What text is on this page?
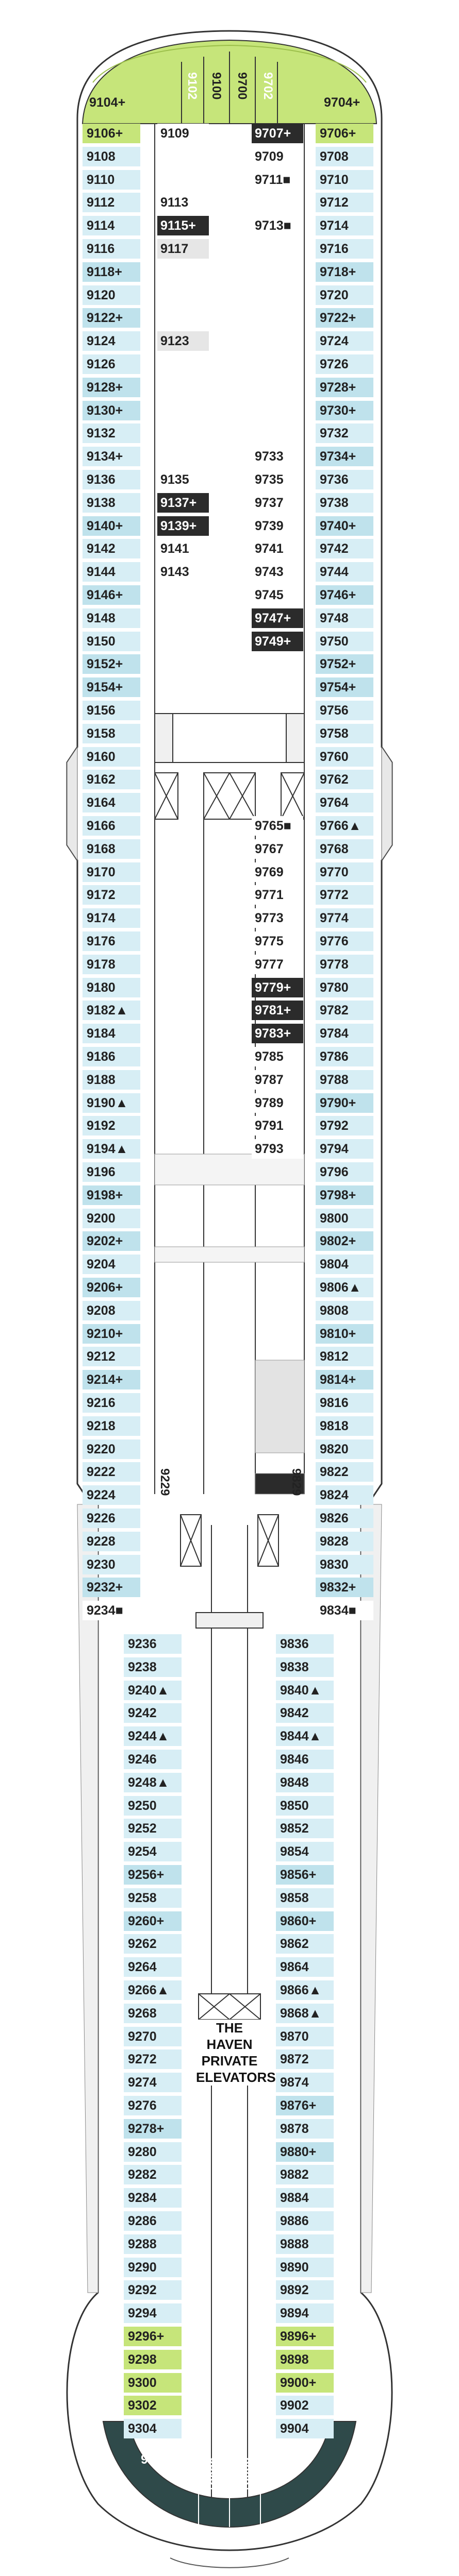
9104+	9704+
9102 9100 9700 9702
9306+	9906+
9308+ 9908+
9229	9829
THE HAVEN PRIVATE ELEVATORS
9106+
9108
9110
9112
9114
9116
9118+
9120
9122+
9124
9126
9128+
9130+
9132
9134+
9136
9138
9140+
9142
9144
9146+
9148
9150
9152+
9154+
9156
9158
9160
9162
9164
9166
9168
9170
9172
9174
9176
9178
9180
9182▲
9184
9186
9188
9190▲
9192
9194▲
9196
9198+
9200
9202+
9204
9206+
9208
9210+
9212
9214+
9216
9218
9220
9222
9224
9226
9228
9230
9232+
9234■
9236
9238
9240▲
9242
9244▲
9246
9248▲
9250
9252
9254
9256+
9258
9260+
9262
9264
9266▲
9268
9270
9272
9274
9276
9278+
9280
9282
9284
9286
9288
9290
9292
9294
9296+
9298
9300
9302
9304
9706+
9708
9710
9712
9714
9716
9718+
9720
9722+
9724
9726
9728+
9730+
9732
9734+
9736
9738
9740+
9742
9744
9746+
9748
9750
9752+
9754+
9756
9758
9760
9762
9764
9766▲
9768
9770
9772
9774
9776
9778
9780
9782
9784
9786
9788
9790+
9792
9794
9796
9798+
9800
9802+
9804
9806▲
9808
9810+
9812
9814+
9816
9818
9820
9822
9824
9826
9828
9830
9832+
9834■
9836
9838
9840▲
9842
9844▲
9846
9848
9850
9852
9854
9856+
9858
9860+
9862
9864
9866▲
9868▲
9870
9872
9874
9876+
9878
9880+
9882
9884
9886
9888
9890
9892
9894
9896+
9898
9900+
9902
9904
9109
9113
9115+
9117
9123
9135
9137+
9139+
9141
9143
9707+
9709
9711■
9713■
9733
9735
9737
9739
9741
9743
9745
9747+
9749+
9765■
9767
9769
9771
9773
9775
9777
9779+
9781+
9783+
9785
9787
9789
9791
9793
